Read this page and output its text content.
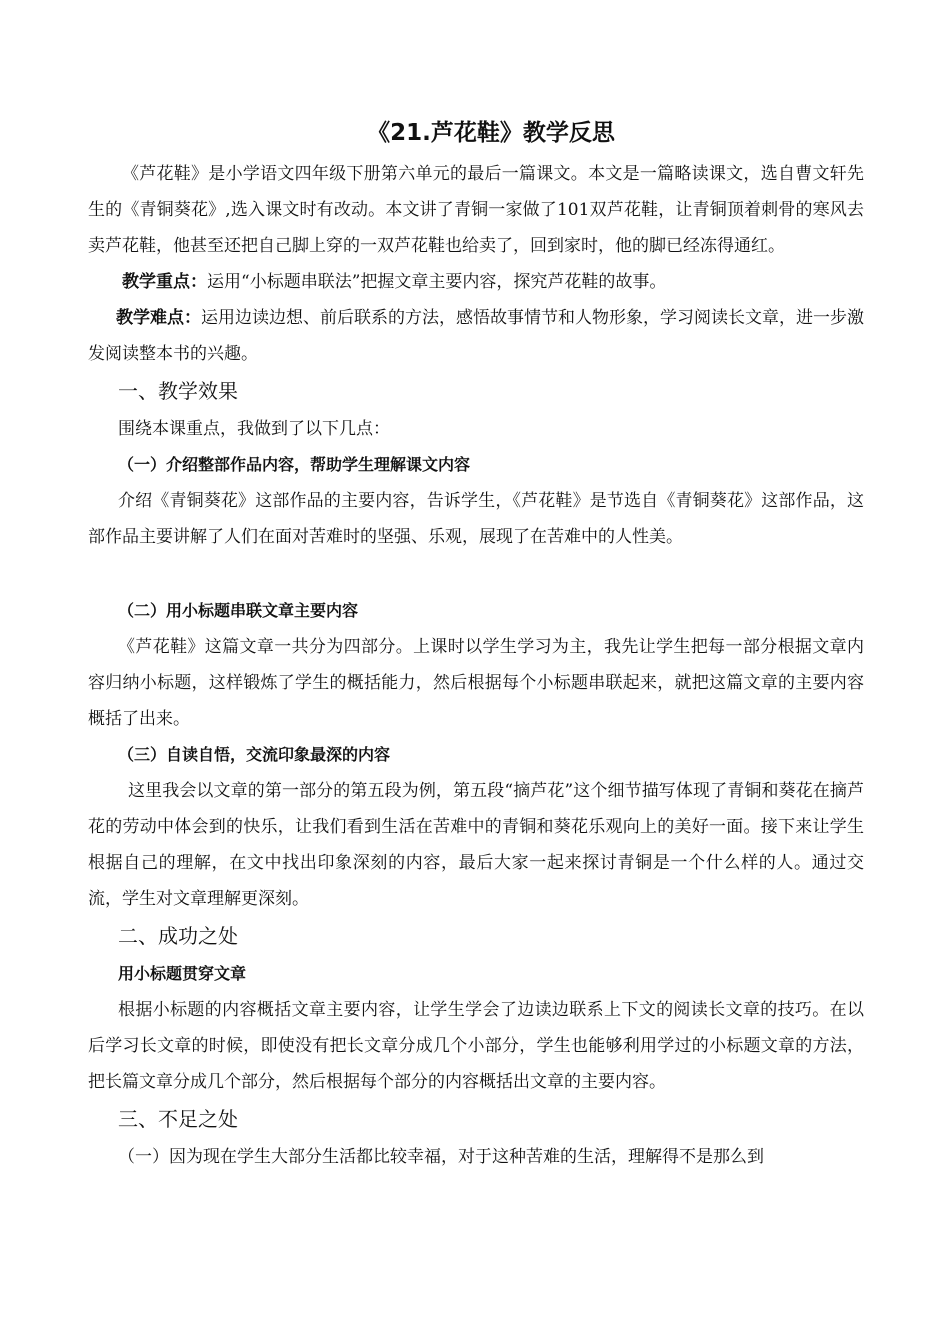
《21.芦花鞋》教学反思

《芦花鞋》是小学语文四年级下册第六单元的最后一篇课文。本文是一篇略读课文，选自曹文轩先生的《青铜葵花》,选入课文时有改动。本文讲了青铜一家做了101双芦花鞋，让青铜顶着刺骨的寒风去卖芦花鞋，他甚至还把自己脚上穿的一双芦花鞋也给卖了，回到家时，他的脚已经冻得通红。

教学重点：运用“小标题串联法”把握文章主要内容，探究芦花鞋的故事。

教学难点：运用边读边想、前后联系的方法，感悟故事情节和人物形象，学习阅读长文章，进一步激发阅读整本书的兴趣。

一、教学效果

围绕本课重点，我做到了以下几点：

（一）介绍整部作品内容，帮助学生理解课文内容

介绍《青铜葵花》这部作品的主要内容，告诉学生，《芦花鞋》是节选自《青铜葵花》这部作品，这部作品主要讲解了人们在面对苦难时的坚强、乐观，展现了在苦难中的人性美。

（二）用小标题串联文章主要内容

《芦花鞋》这篇文章一共分为四部分。上课时以学生学习为主，我先让学生把每一部分根据文章内容归纳小标题，这样锻炼了学生的概括能力，然后根据每个小标题串联起来，就把这篇文章的主要内容概括了出来。

（三）自读自悟，交流印象最深的内容

这里我会以文章的第一部分的第五段为例，第五段“摘芦花”这个细节描写体现了青铜和葵花在摘芦花的劳动中体会到的快乐，让我们看到生活在苦难中的青铜和葵花乐观向上的美好一面。接下来让学生根据自己的理解，在文中找出印象深刻的内容，最后大家一起来探讨青铜是一个什么样的人。通过交流，学生对文章理解更深刻。

二、成功之处
用小标题贯穿文章

根据小标题的内容概括文章主要内容，让学生学会了边读边联系上下文的阅读长文章的技巧。在以后学习长文章的时候，即使没有把长文章分成几个小部分，学生也能够利用学过的小标题文章的方法，把长篇文章分成几个部分，然后根据每个部分的内容概括出文章的主要内容。

三、不足之处

（一）因为现在学生大部分生活都比较幸福，对于这种苦难的生活，理解得不是那么到
